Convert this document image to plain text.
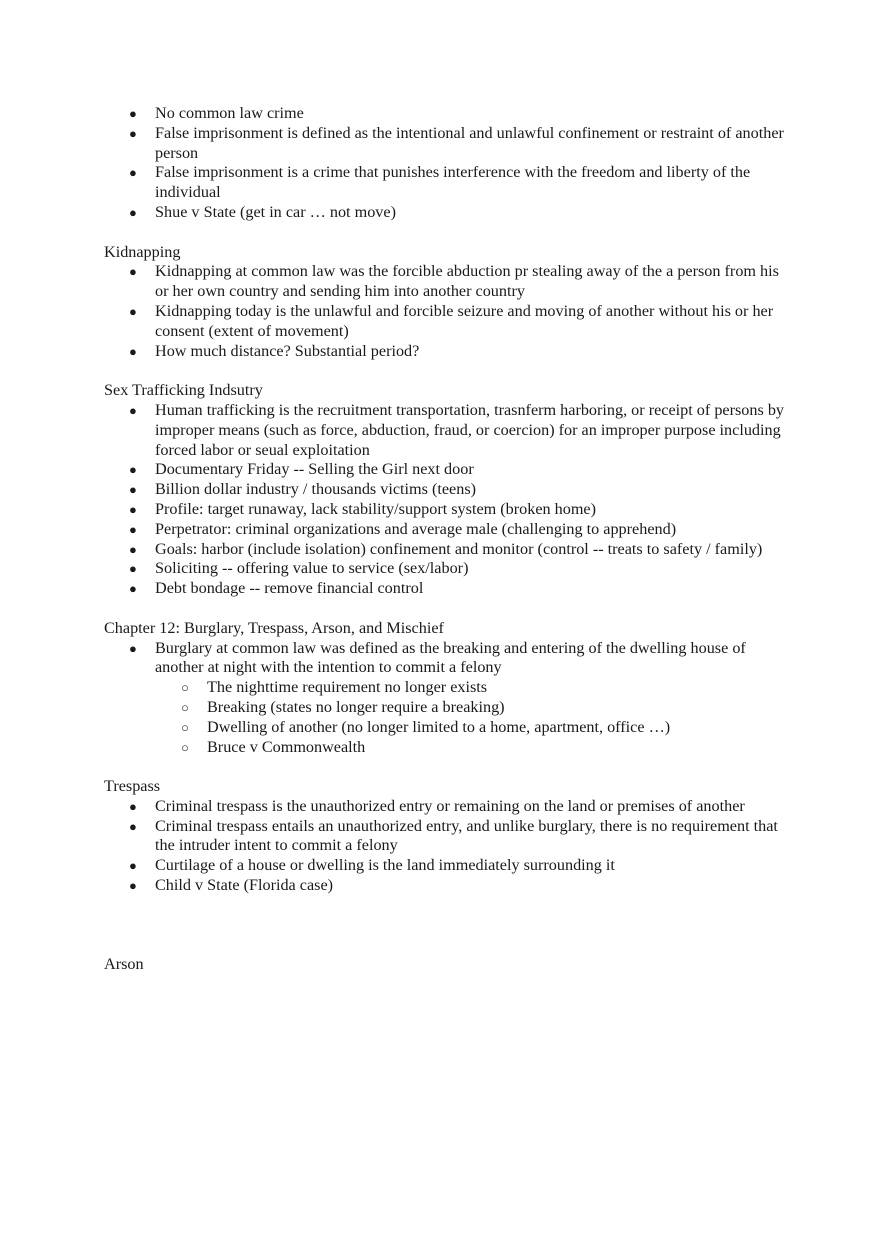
● No common law crime
● False imprisonment is defined as the intentional and unlawful confinement or restraint of another person
● False imprisonment is a crime that punishes interference with the freedom and liberty of the individual
● Shue v State (get in car … not move)

Kidnapping

● Kidnapping at common law was the forcible abduction pr stealing away of the a person from his or her own country and sending him into another country
● Kidnapping today is the unlawful and forcible seizure and moving of another without his or her consent (extent of movement)
● How much distance? Substantial period?

Sex Trafficking Indsutry

● Human trafficking is the recruitment transportation, trasnferm harboring, or receipt of persons by improper means (such as force, abduction, fraud, or coercion) for an improper purpose including forced labor or seual exploitation
● Documentary Friday -- Selling the Girl next door
● Billion dollar industry / thousands victims (teens)
● Profile: target runaway, lack stability/support system (broken home)
● Perpetrator: criminal organizations and average male (challenging to apprehend)
● Goals: harbor (include isolation) confinement and monitor (control -- treats to safety / family)
● Soliciting -- offering value to service (sex/labor)
● Debt bondage -- remove financial control

Chapter 12: Burglary, Trespass, Arson, and Mischief

● Burglary at common law was defined as the breaking and entering of the dwelling house of another at night with the intention to commit a felony
○ The nighttime requirement no longer exists
○ Breaking (states no longer require a breaking)
○ Dwelling of another (no longer limited to a home, apartment, office …)
○ Bruce v Commonwealth

Trespass

● Criminal trespass is the unauthorized entry or remaining on the land or premises of another
● Criminal trespass entails an unauthorized entry, and unlike burglary, there is no requirement that the intruder intent to commit a felony
● Curtilage of a house or dwelling is the land immediately surrounding it
● Child v State (Florida case)

Arson
